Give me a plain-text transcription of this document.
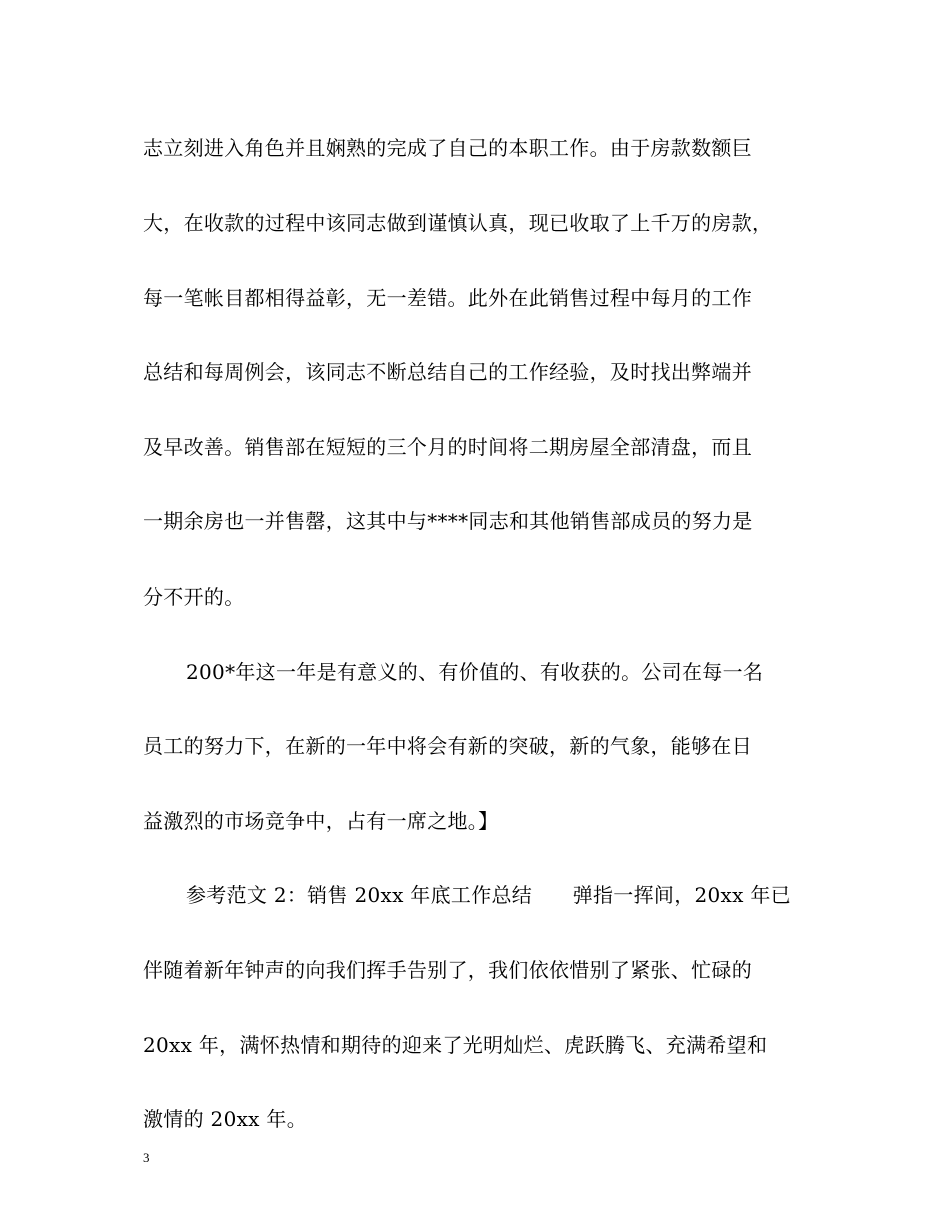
志立刻进入角色并且娴熟的完成了自己的本职工作。由于房款数额巨
大，在收款的过程中该同志做到谨慎认真，现已收取了上千万的房款，
每一笔帐目都相得益彰，无一差错。此外在此销售过程中每月的工作
总结和每周例会，该同志不断总结自己的工作经验，及时找出弊端并
及早改善。销售部在短短的三个月的时间将二期房屋全部清盘，而且
一期余房也一并售罄，这其中与****同志和其他销售部成员的努力是
分不开的。
200*年这一年是有意义的、有价值的、有收获的。公司在每一名
员工的努力下，在新的一年中将会有新的突破，新的气象，能够在日
益激烈的市场竞争中，占有一席之地。】
参考范文 2：销售 20xx 年底工作总结　　弹指一挥间，20xx 年已
伴随着新年钟声的向我们挥手告别了，我们依依惜别了紧张、忙碌的
20xx 年，满怀热情和期待的迎来了光明灿烂、虎跃腾飞、充满希望和
激情的 20xx 年。
3
